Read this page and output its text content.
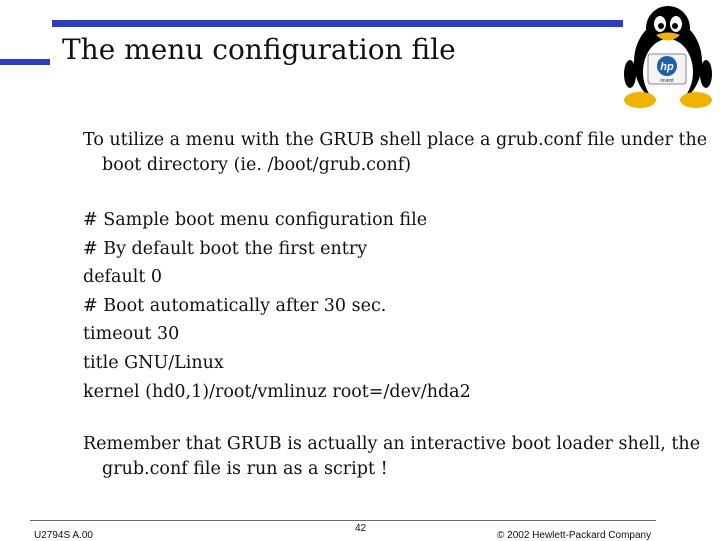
The menu configuration file
hp
invent

To utilize a menu with the GRUB shell place a grub.conf file under the
boot directory (ie. /boot/grub.conf)

# Sample boot menu configuration file
# By default boot the first entry
default 0
# Boot automatically after 30 sec.
timeout 30
title GNU/Linux
kernel (hd0,1)/root/vmlinuz root=/dev/hda2

Remember that GRUB is actually an interactive boot loader shell, the
grub.conf file is run as a script !

U2794S A.00
42
© 2002 Hewlett-Packard Company
